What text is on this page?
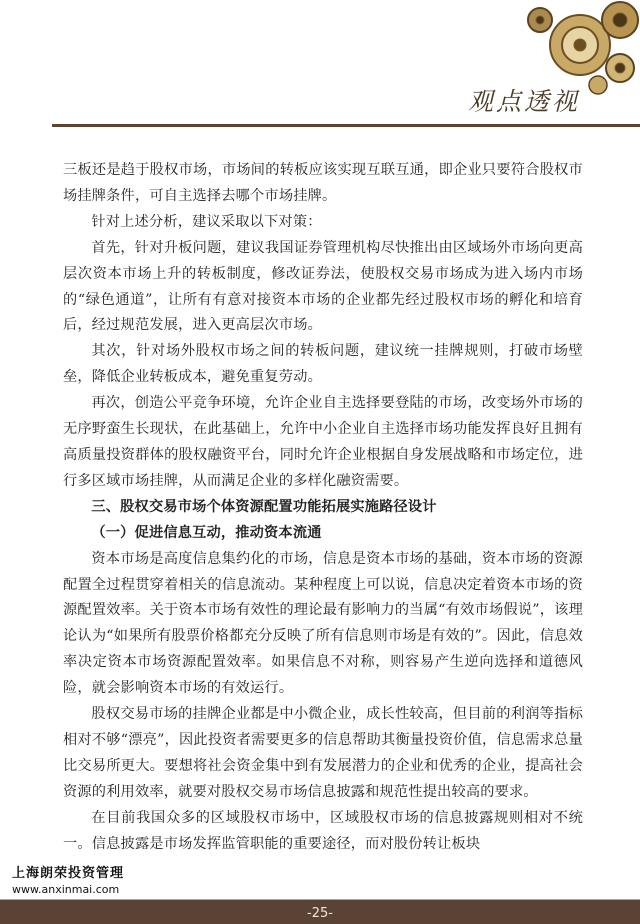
观点透视

三板还是趋于股权市场，市场间的转板应该实现互联互通，即企业只要符合股权市场挂牌条件，可自主选择去哪个市场挂牌。

针对上述分析，建议采取以下对策：

首先，针对升板问题，建议我国证券管理机构尽快推出由区域场外市场向更高层次资本市场上升的转板制度，修改证券法，使股权交易市场成为进入场内市场的“绿色通道”，让所有有意对接资本市场的企业都先经过股权市场的孵化和培育后，经过规范发展，进入更高层次市场。

其次，针对场外股权市场之间的转板问题，建议统一挂牌规则，打破市场壁垒，降低企业转板成本，避免重复劳动。

再次，创造公平竞争环境，允许企业自主选择要登陆的市场，改变场外市场的无序野蛮生长现状，在此基础上，允许中小企业自主选择市场功能发挥良好且拥有高质量投资群体的股权融资平台，同时允许企业根据自身发展战略和市场定位，进行多区域市场挂牌，从而满足企业的多样化融资需要。

三、股权交易市场个体资源配置功能拓展实施路径设计

（一）促进信息互动，推动资本流通

资本市场是高度信息集约化的市场，信息是资本市场的基础，资本市场的资源配置全过程贯穿着相关的信息流动。某种程度上可以说，信息决定着资本市场的资源配置效率。关于资本市场有效性的理论最有影响力的当属“有效市场假说”，该理论认为“如果所有股票价格都充分反映了所有信息则市场是有效的”。因此，信息效率决定资本市场资源配置效率。如果信息不对称，则容易产生逆向选择和道德风险，就会影响资本市场的有效运行。

股权交易市场的挂牌企业都是中小微企业，成长性较高，但目前的利润等指标相对不够“漂亮”，因此投资者需要更多的信息帮助其衡量投资价值，信息需求总量比交易所更大。要想将社会资金集中到有发展潜力的企业和优秀的企业，提高社会资源的利用效率，就要对股权交易市场信息披露和规范性提出较高的要求。

在目前我国众多的区域股权市场中，区域股权市场的信息披露规则相对不统一。信息披露是市场发挥监管职能的重要途径，而对股份转让板块

上海朗荣投资管理
www.anxinmai.com
-25-
